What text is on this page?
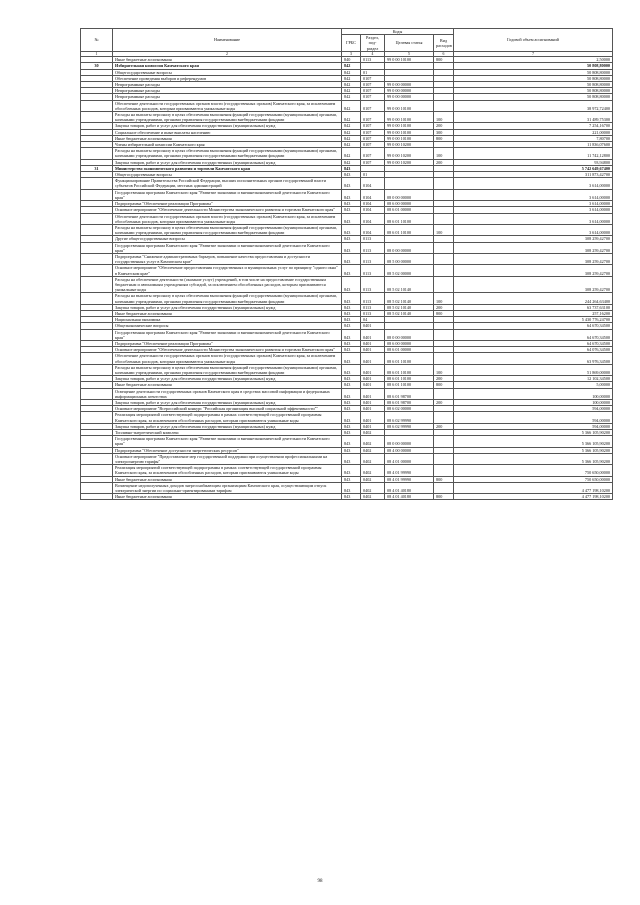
№	Наименование	Коды				Годовой объем ассигнований
		ГРБС	Раздел, под-раздел	Целевая статья	Вид расходов	
1	2	3	4	5	6	7
	Иные бюджетные ассигнования	840	0113	99 0 00 10100	800	2,50000
30	Избирательная комиссия Камчатского края	842				50 808,80000
	Общегосударственные вопросы	842	01			50 808,80000
	Обеспечение проведения выборов и референдумов	842	0107			50 808,80000
	Непрограммные расходы	842	0107	99 0 00 00000		50 808,80000
	Непрограммные расходы	842	0107	99 0 00 00000		50 808,80000
	Непрограммные расходы	842	0107	99 0 00 00000		50 808,80000
	Обеспечение деятельности государственных органов власти (государственных органов) Камчатского края, за исключением обособленных расходов, которым присваиваются уникальные коды	842	0107	99 0 00 10100		38 972,72400
	Расходы на выплаты персоналу в целях обеспечения выполнения функций государственными (муниципальными) органами, казенными учреждениями, органами управления государственными внебюджетными фондами	842	0107	99 0 00 10100	100	31 489,75300
	Закупка товаров, работ и услуг для обеспечения государственных (муниципальных) нужд	842	0107	99 0 00 10100	200	7 254,16700
	Социальное обеспечение и иные выплаты населению	842	0107	99 0 00 10100	300	221,00000
	Иные бюджетные ассигнования	842	0107	99 0 00 10100	800	7,80700
	Члены избирательной комиссии Камчатского края	842	0107	99 0 00 10200		11 836,07600
	Расходы на выплаты персоналу в целях обеспечения выполнения функций государственными (муниципальными) органами, казенными учреждениями, органами управления государственными внебюджетными фондами	842	0107	99 0 00 10200	100	11 742,12800
	Закупка товаров, работ и услуг для обеспечения государственных (муниципальных) нужд	842	0107	99 0 00 10200	200	93,94800
31	Министерство экономического развития и торговли Камчатского края	843				5 742 649,67400
	Общегосударственные вопросы	843	01			311 873,42700
	Функционирование Правительства Российской Федерации, высших исполнительных органов государственной власти субъектов Российской Федерации, местных администраций	843	0104			3 614,00000
	Государственная программа Камчатского края "Развитие экономики и внешнеэкономической деятельности Камчатского края"	843	0104	08 0 00 00000		3 614,00000
	Подпрограмма "Обеспечение реализации Программы"	843	0104	08 6 00 00000		3 614,00000
	Основное мероприятие "Обеспечение деятельности Министерства экономического развития и торговли Камчатского края"	843	0104	08 6 01 00000		3 614,00000
	Обеспечение деятельности государственных органов власти (государственных органов) Камчатского края, за исключением обособленных расходов, которым присваиваются уникальные коды	843	0104	08 6 01 10100		3 614,00000
	Расходы на выплаты персоналу в целях обеспечения выполнения функций государственными (муниципальными) органами, казенными учреждениями, органами управления государственными внебюджетными фондами	843	0104	08 6 01 10100	100	3 614,00000
	Другие общегосударственные вопросы	843	0113			308 259,42700
	Государственная программа Камчатского края "Развитие экономики и внешнеэкономической деятельности Камчатского края"	843	0113	08 0 00 00000		308 259,42700
	Подпрограмма "Снижение административных барьеров, повышение качества предоставления и доступности государственных услуг в Камчатском крае"	843	0113	08 5 00 00000		308 259,42700
	Основное мероприятие "Обеспечение предоставления государственных и муниципальных услуг по принципу "одного окна" в Камчатском крае"	843	0113	08 5 02 00000		308 259,42700
	Расходы на обеспечение деятельности (оказание услуг) учреждений, в том числе на предоставление государственным бюджетным и автономным учреждениям субсидий, за исключением обособленных расходов, которым присваиваются уникальные коды	843	0113	08 5 02 10140		308 259,42700
	Расходы на выплаты персоналу в целях обеспечения выполнения функций государственными (муниципальными) органами, казенными учреждениями, органами управления государственными внебюджетными фондами	843	0113	08 5 02 10140	100	244 264,63400
	Закупка товаров, работ и услуг для обеспечения государственных (муниципальных) нужд	843	0113	08 5 02 10140	200	63 737,63100
	Иные бюджетные ассигнования	843	0113	08 5 02 10140	800	257,16200
	Национальная экономика	843	04			5 430 776,24700
	Общеэкономические вопросы	843	0401			64 670,34500
	Государственная программа Камчатского края "Развитие экономики и внешнеэкономической деятельности Камчатского края"	843	0401	08 0 00 00000		64 670,34500
	Подпрограмма "Обеспечение реализации Программы"	843	0401	08 6 00 00000		64 670,34500
	Основное мероприятие "Обеспечение деятельности Министерства экономического развития и торговли Камчатского края"	843	0401	08 6 01 00000		64 076,34500
	Обеспечение деятельности государственных органов власти (государственных органов) Камчатского края, за исключением обособленных расходов, которым присваиваются уникальные коды	843	0401	08 6 01 10100		63 976,34500
	Расходы на выплаты персоналу в целях обеспечения выполнения функций государственными (муниципальными) органами, казенными учреждениями, органами управления государственными внебюджетными фондами	843	0401	08 6 01 10100	100	51 869,00000
	Закупка товаров, работ и услуг для обеспечения государственных (муниципальных) нужд	843	0401	08 6 01 10100	200	12 102,34500
	Иные бюджетные ассигнования	843	0401	08 6 01 10100	800	5,00000
	Освещение деятельности государственных органов Камчатского края в средствах массовой информации и федеральных информационных агентствах	843	0401	08 6 01 98700		100,00000
	Закупка товаров, работ и услуг для обеспечения государственных (муниципальных) нужд	843	0401	08 6 01 98700	200	100,00000
	Основное мероприятие "Всероссийский конкурс "Российская организация высокой социальной эффективности""	843	0401	08 6 02 00000		594,00000
	Реализация мероприятий соответствующей подпрограммы в рамках соответствующей государственной программы Камчатского края, за исключением обособленных расходов, которым присваиваются уникальные коды	843	0401	08 6 02 99990		594,00000
	Закупка товаров, работ и услуг для обеспечения государственных (муниципальных) нужд	843	0401	08 6 02 99990	200	594,00000
	Топливно-энергетический комплекс	843	0402			5 366 105,90200
	Государственная программа Камчатского края "Развитие экономики и внешнеэкономической деятельности Камчатского края"	843	0402	08 0 00 00000		5 366 105,90200
	Подпрограмма "Обеспечение доступности энергетических ресурсов"	843	0402	08 4 00 00000		5 366 105,90200
	Основное мероприятие "Предоставление мер государственной поддержки при осуществлении профессиональными на электроэнергию тарифы"	843	0402	08 4 01 00000		5 366 105,90200
	Реализация мероприятий соответствующей подпрограммы в рамках соответствующей государственной программы Камчатского края, за исключением обособленных расходов, которым присваиваются уникальные коды	843	0402	08 4 01 99990		750 650,00000
	Иные бюджетные ассигнования	843	0402	08 4 01 99990	800	750 650,00000
	Возмещение недополученных доходов энергоснабжающим организациям Камчатского края, осуществляющим отпуск электрической энергии по социально-ориентированным тарифам	843	0402	08 4 01 40180		4 477 198,10200
	Иные бюджетные ассигнования	843	0402	08 4 01 40180	800	4 477 198,10200
98
